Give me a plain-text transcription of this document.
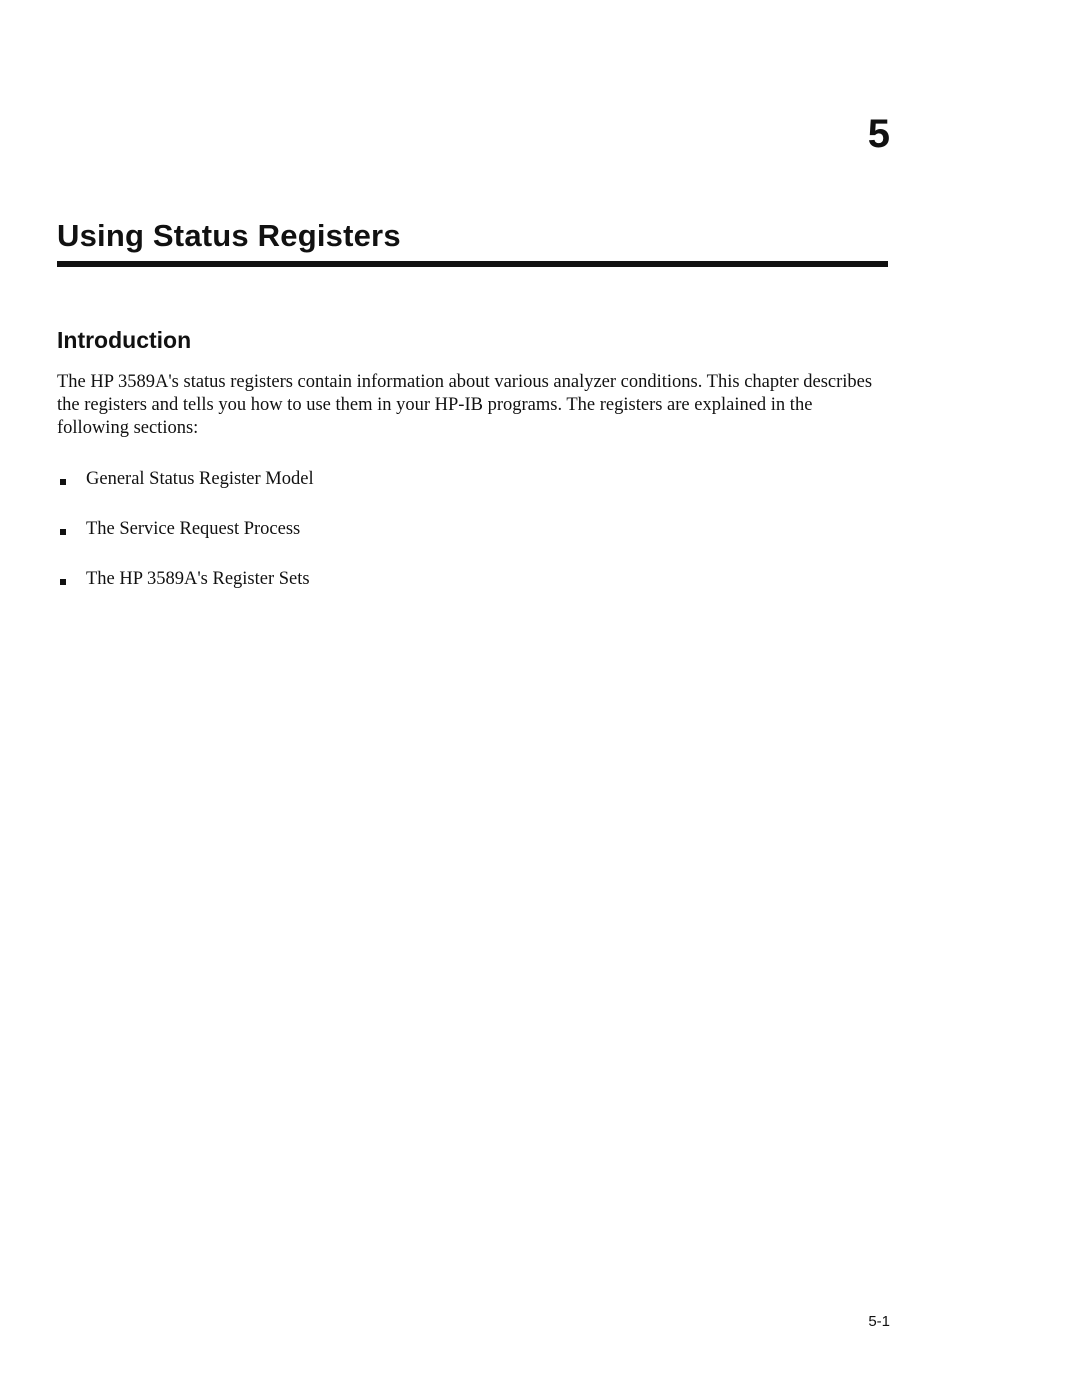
5
Using Status Registers
Introduction

The HP 3589A's status registers contain information about various analyzer conditions. This chapter describes the registers and tells you how to use them in your HP-IB programs. The registers are explained in the following sections:

General Status Register Model
The Service Request Process
The HP 3589A's Register Sets
5-1
